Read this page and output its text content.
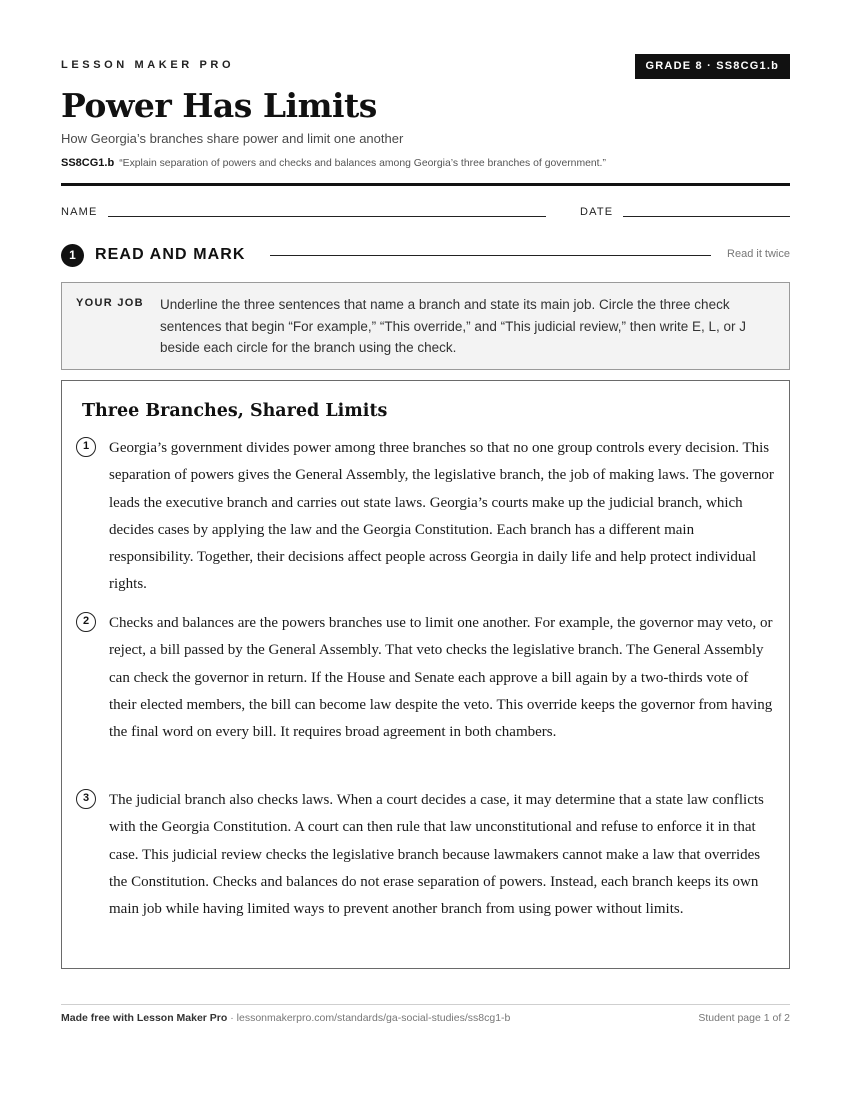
LESSON MAKER PRO	GRADE 8 · SS8CG1.b
Power Has Limits
How Georgia’s branches share power and limit one another
SS8CG1.b “Explain separation of powers and checks and balances among Georgia’s three branches of government.”
NAME	DATE
1	READ AND MARK	Read it twice
YOUR JOB Underline the three sentences that name a branch and state its main job. Circle the three check sentences that begin “For example,” “This override,” and “This judicial review,” then write E, L, or J beside each circle for the branch using the check.
Three Branches, Shared Limits
1	Georgia’s government divides power among three branches so that no one group controls every decision. This separation of powers gives the General Assembly, the legislative branch, the job of making laws. The governor leads the executive branch and carries out state laws. Georgia’s courts make up the judicial branch, which decides cases by applying the law and the Georgia Constitution. Each branch has a different main responsibility. Together, their decisions affect people across Georgia in daily life and help protect individual rights.

2	Checks and balances are the powers branches use to limit one another. For example, the governor may veto, or reject, a bill passed by the General Assembly. That veto checks the legislative branch. The General Assembly can check the governor in return. If the House and Senate each approve a bill again by a two-thirds vote of their elected members, the bill can become law despite the veto. This override keeps the governor from having the final word on every bill. It requires broad agreement in both chambers.

3	The judicial branch also checks laws. When a court decides a case, it may determine that a state law conflicts with the Georgia Constitution. A court can then rule that law unconstitutional and refuse to enforce it in that case. This judicial review checks the legislative branch because lawmakers cannot make a law that overrides the Constitution. Checks and balances do not erase separation of powers. Instead, each branch keeps its own main job while having limited ways to prevent another branch from using power without limits.

Made free with Lesson Maker Pro · lessonmakerpro.com/standards/ga-social-studies/ss8cg1-b	Student page 1 of 2
